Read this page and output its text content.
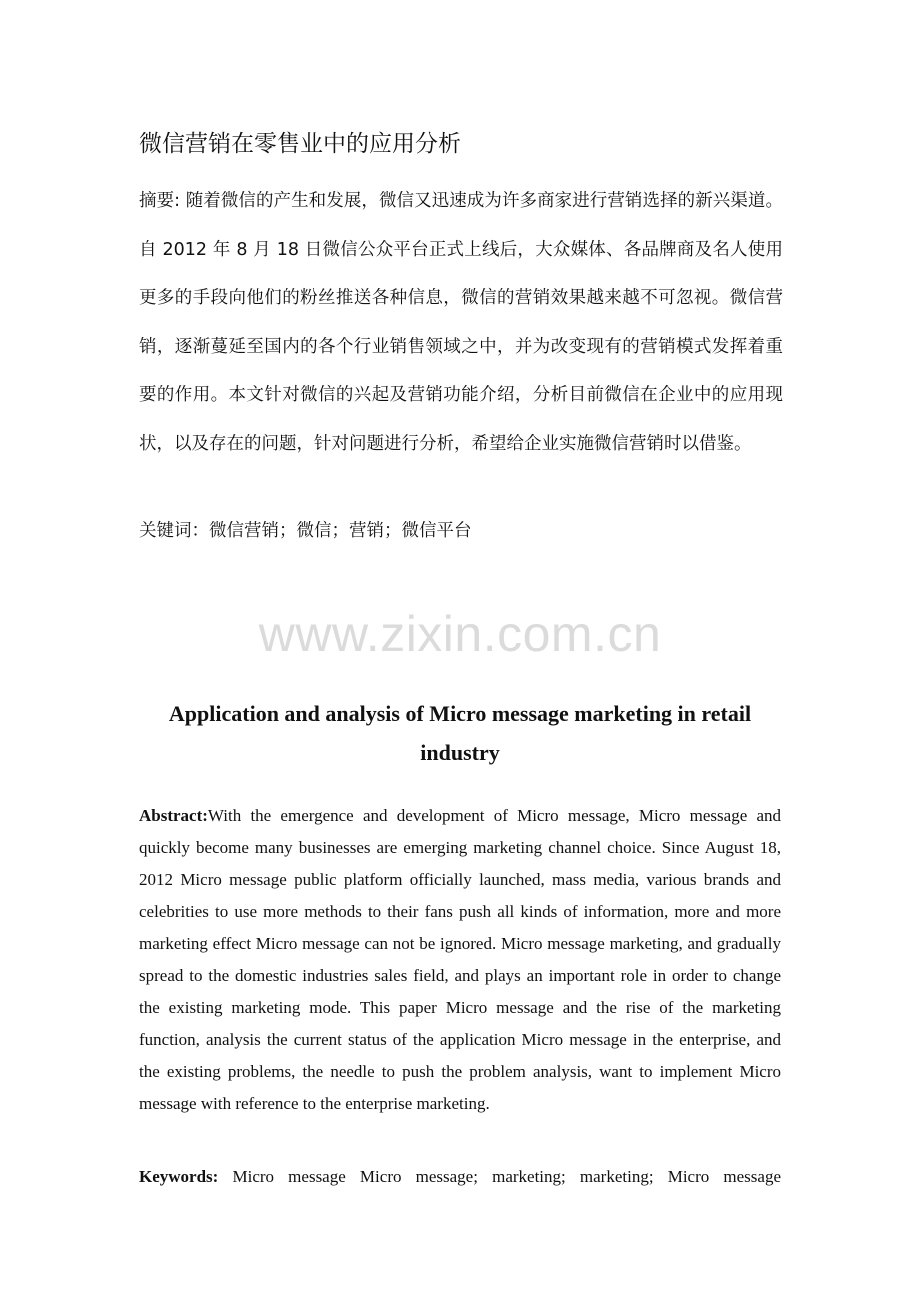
微信营销在零售业中的应用分析
摘要: 随着微信的产生和发展，微信又迅速成为许多商家进行营销选择的新兴渠道。自 2012 年 8 月 18 日微信公众平台正式上线后，大众媒体、各品牌商及名人使用更多的手段向他们的粉丝推送各种信息，微信的营销效果越来越不可忽视。微信营销，逐渐蔓延至国内的各个行业销售领域之中，并为改变现有的营销模式发挥着重要的作用。本文针对微信的兴起及营销功能介绍，分析目前微信在企业中的应用现状，以及存在的问题，针对问题进行分析，希望给企业实施微信营销时以借鉴。
关键词：微信营销；微信；营销；微信平台
www.zixin.com.cn
Application and analysis of Micro message marketing in retail industry
Abstract:With the emergence and development of Micro message, Micro message and quickly become many businesses are emerging marketing channel choice. Since August 18, 2012 Micro message public platform officially launched, mass media, various brands and celebrities to use more methods to their fans push all kinds of information, more and more marketing effect Micro message can not be ignored. Micro message marketing, and gradually spread to the domestic industries sales field, and plays an important role in order to change the existing marketing mode. This paper Micro message and the rise of the marketing function, analysis the current status of the application Micro message in the enterprise, and the existing problems, the needle to push the problem analysis, want to implement Micro message with reference to the enterprise marketing.
Keywords: Micro message Micro message; marketing; marketing; Micro message
